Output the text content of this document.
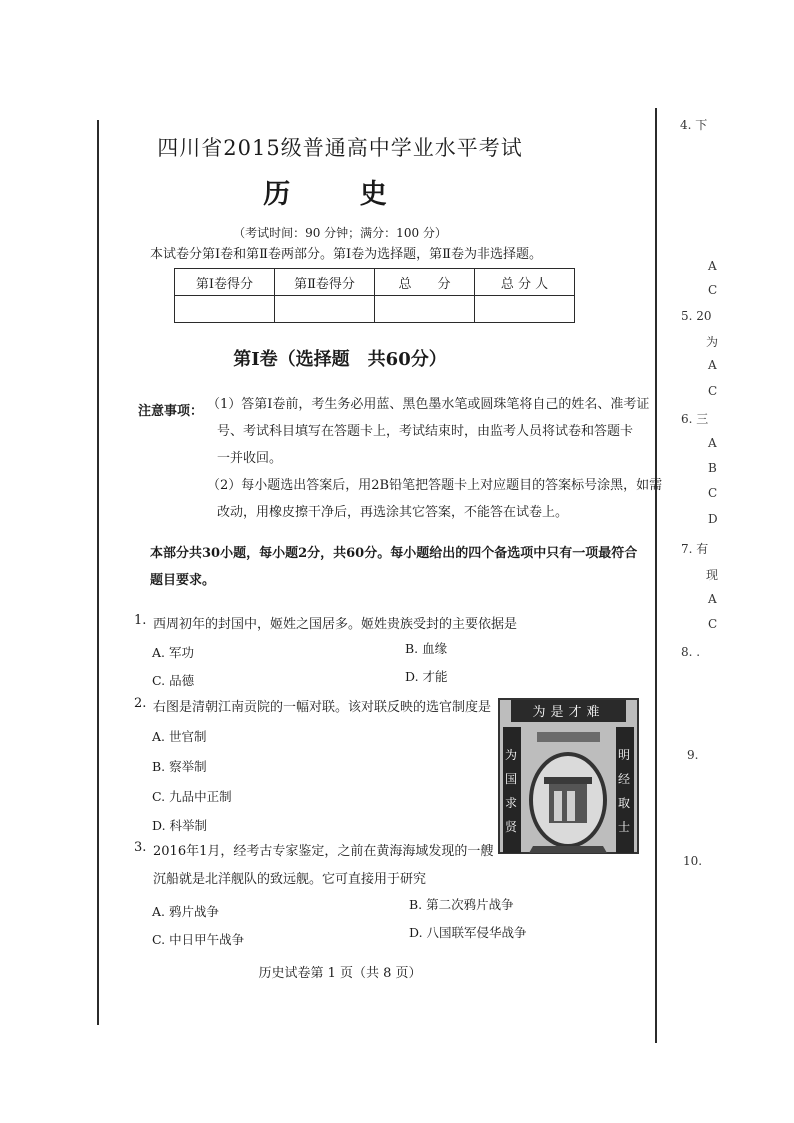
四川省2015级普通高中学业水平考试
历 史
（考试时间：90 分钟；满分：100 分）
本试卷分第Ⅰ卷和第Ⅱ卷两部分。第Ⅰ卷为选择题，第Ⅱ卷为非选择题。
第Ⅰ卷得分	第Ⅱ卷得分	总　　分	总 分 人

第Ⅰ卷（选择题　共60分）
注意事项： （1）答第Ⅰ卷前，考生务必用蓝、黑色墨水笔或圆珠笔将自己的姓名、准考证
号、考试科目填写在答题卡上，考试结束时，由监考人员将试卷和答题卡
一并收回。
（2）每小题选出答案后，用2B铅笔把答题卡上对应题目的答案标号涂黑，如需
改动，用橡皮擦干净后，再选涂其它答案，不能答在试卷上。
本部分共30小题，每小题2分，共60分。每小题给出的四个备选项中只有一项最符合
题目要求。
1. 西周初年的封国中，姬姓之国居多。姬姓贵族受封的主要依据是
A. 军功	B. 血缘
C. 品德	D. 才能
2. 右图是清朝江南贡院的一幅对联。该对联反映的选官制度是
A. 世官制
B. 察举制
C. 九品中正制
D. 科举制
为是才难
为国求贤
明经取士
3. 2016年1月，经考古专家鉴定，之前在黄海海域发现的一艘
沉船就是北洋舰队的致远舰。它可直接用于研究
A. 鸦片战争	B. 第二次鸦片战争
C. 中日甲午战争	D. 八国联军侵华战争
历史试卷第 1 页（共 8 页）
4. 下
A
C
5. 20
为
A
C
6. 三
A
B
C
D
7. 有
现
A
C
8. .
9.
10.
